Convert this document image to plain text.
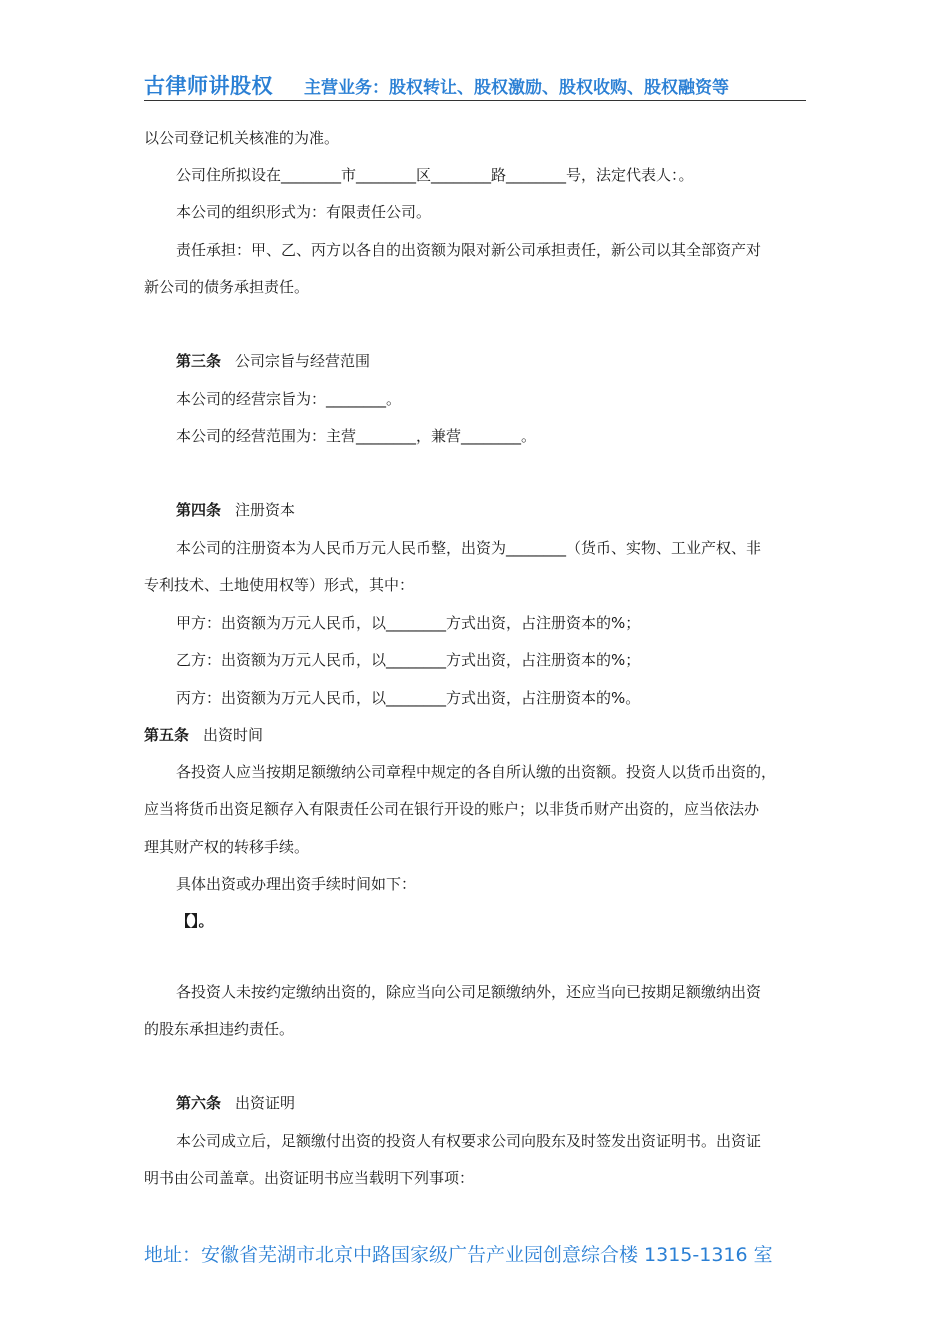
古律师讲股权 主营业务：股权转让、股权激励、股权收购、股权融资等
以公司登记机关核准的为准。
公司住所拟设在________市________区________路________号，法定代表人：。
本公司的组织形式为：有限责任公司。
责任承担：甲、乙、丙方以各自的出资额为限对新公司承担责任，新公司以其全部资产对
新公司的债务承担责任。
第三条 公司宗旨与经营范围
本公司的经营宗旨为：________。
本公司的经营范围为：主营________，兼营________。
第四条 注册资本
本公司的注册资本为人民币万元人民币整，出资为________（货币、实物、工业产权、非
专利技术、土地使用权等）形式，其中：
甲方：出资额为万元人民币，以________方式出资，占注册资本的%；
乙方：出资额为万元人民币，以________方式出资，占注册资本的%；
丙方：出资额为万元人民币，以________方式出资，占注册资本的%。
第五条 出资时间
各投资人应当按期足额缴纳公司章程中规定的各自所认缴的出资额。投资人以货币出资的，
应当将货币出资足额存入有限责任公司在银行开设的账户；以非货币财产出资的，应当依法办
理其财产权的转移手续。
具体出资或办理出资手续时间如下：
【】。
各投资人未按约定缴纳出资的，除应当向公司足额缴纳外，还应当向已按期足额缴纳出资
的股东承担违约责任。
第六条 出资证明
本公司成立后，足额缴付出资的投资人有权要求公司向股东及时签发出资证明书。出资证
明书由公司盖章。出资证明书应当载明下列事项：
地址：安徽省芜湖市北京中路国家级广告产业园创意综合楼 1315-1316 室
